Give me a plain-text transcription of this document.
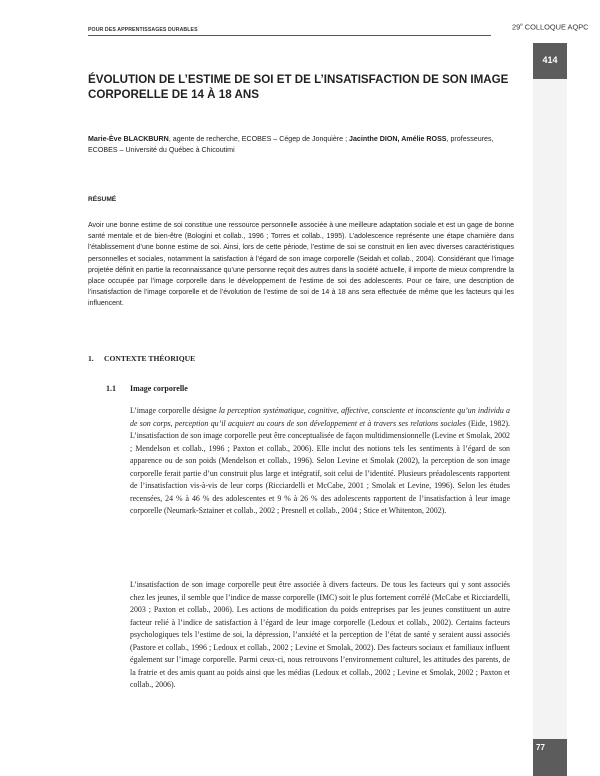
POUR DES APPRENTISSAGES DURABLES	29e COLLOQUE AQPC
414
ÉVOLUTION DE L’ESTIME DE SOI ET DE L’INSATISFACTION DE SON IMAGE CORPORELLE DE 14 À 18 ANS
Marie-Ève BLACKBURN, agente de recherche, ECOBES – Cégep de Jonquière ; Jacinthe DION, Amélie ROSS, professeures, ECOBES – Université du Québec à Chicoutimi
RÉSUMÉ

Avoir une bonne estime de soi constitue une ressource personnelle associée à une meilleure adaptation sociale et est un gage de bonne santé mentale et de bien-être (Bologini et collab., 1996 ; Torres et collab., 1995). L’adolescence représente une étape charnière dans l’établissement d’une bonne estime de soi. Ainsi, lors de cette période, l’estime de soi se construit en lien avec diverses caractéristiques personnelles et sociales, notamment la satisfaction à l’égard de son image corporelle (Seidah et collab., 2004). Considérant que l’image projetée définit en partie la reconnaissance qu’une personne reçoit des autres dans la société actuelle, il importe de mieux comprendre la place occupée par l’image corporelle dans le développement de l’estime de soi des adolescents. Pour ce faire, une description de l’insatisfaction de l’image corporelle et de l’évolution de l’estime de soi de 14 à 18 ans sera effectuée de même que les facteurs qui les influencent.

1. CONTEXTE THÉORIQUE
1.1 Image corporelle

L’image corporelle désigne la perception systématique, cognitive, affective, consciente et inconsciente qu’un individu a de son corps, perception qu’il acquiert au cours de son développement et à travers ses relations sociales (Eide, 1982). L’insatisfaction de son image corporelle peut être conceptualisée de façon multidimensionnelle (Levine et Smolak, 2002 ; Mendelson et collab., 1996 ; Paxton et collab., 2006). Elle inclut des notions tels les sentiments à l’égard de son apparence ou de son poids (Mendelson et collab., 1996). Selon Levine et Smolak (2002), la perception de son image corporelle ferait partie d’un construit plus large et intégratif, soit celui de l’identité. Plusieurs préadolescents rapportent de l’insatisfaction vis-à-vis de leur corps (Ricciardelli et McCabe, 2001 ; Smolak et Levine, 1996). Selon les études recensées, 24 % à 46 % des adolescentes et 9 % à 26 % des adolescents rapportent de l’insatisfaction à leur image corporelle (Neumark-Sztainer et collab., 2002 ; Presnell et collab., 2004 ; Stice et Whitenton, 2002).

L’insatisfaction de son image corporelle peut être associée à divers facteurs. De tous les facteurs qui y sont associés chez les jeunes, il semble que l’indice de masse corporelle (IMC) soit le plus fortement corrélé (McCabe et Ricciardelli, 2003 ; Paxton et collab., 2006). Les actions de modification du poids entreprises par les jeunes constituent un autre facteur relié à l’indice de satisfaction à l’égard de leur image corporelle (Ledoux et collab., 2002). Certains facteurs psychologiques tels l’estime de soi, la dépression, l’anxiété et la perception de l’état de santé y seraient aussi associés (Pastore et collab., 1996 ; Ledoux et collab., 2002 ; Levine et Smolak, 2002). Des facteurs sociaux et familiaux influent également sur l’image corporelle. Parmi ceux-ci, nous retrouvons l’environnement culturel, les attitudes des parents, de la fratrie et des amis quant au poids ainsi que les médias (Ledoux et collab., 2002 ; Levine et Smolak, 2002 ; Paxton et collab., 2006).

77
